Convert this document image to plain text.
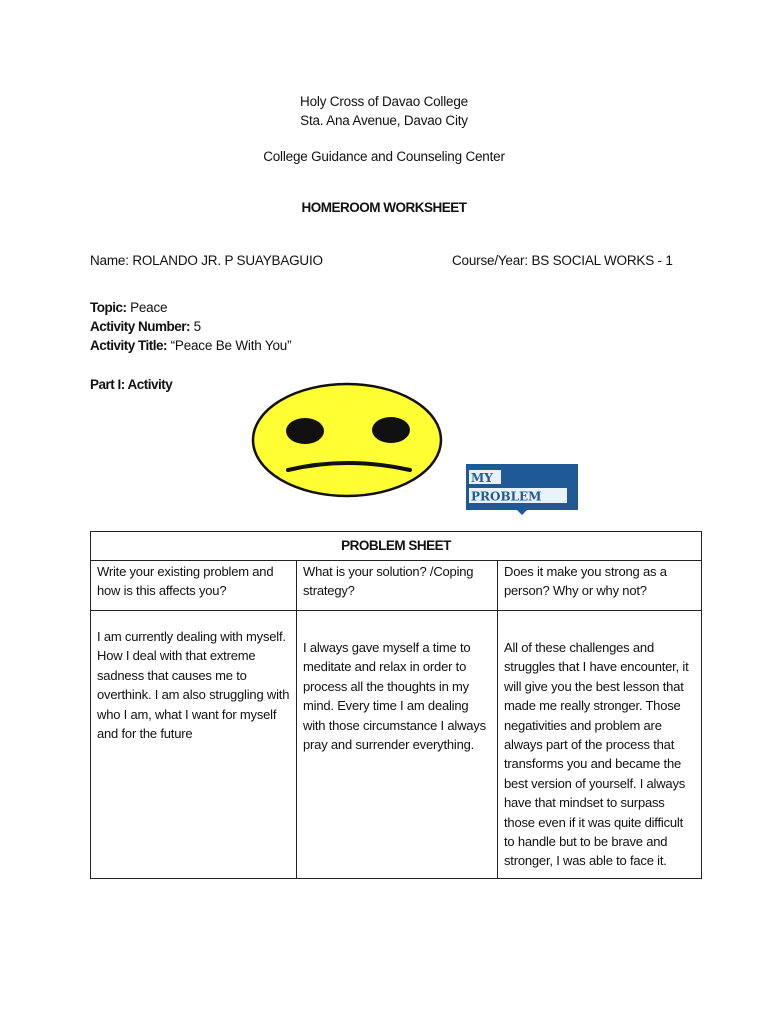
Holy Cross of Davao College
Sta. Ana Avenue, Davao City
College Guidance and Counseling Center
HOMEROOM WORKSHEET
Name: ROLANDO JR. P SUAYBAGUIO	Course/Year: BS SOCIAL WORKS - 1
Topic: Peace
Activity Number: 5
Activity Title: “Peace Be With You”
Part I: Activity
MY
PROBLEM
PROBLEM SHEET		
Write your existing problem and how is this affects you?	What is your solution? /Coping strategy?	Does it make you strong as a person? Why or why not?
I am currently dealing with myself. How I deal with that extreme sadness that causes me to overthink. I am also struggling with who I am, what I want for myself and for the future	I always gave myself a time to meditate and relax in order to process all the thoughts in my mind. Every time I am dealing with those circumstance I always pray and surrender everything.	All of these challenges and struggles that I have encounter, it will give you the best lesson that made me really stronger. Those negativities and problem are always part of the process that transforms you and became the best version of yourself. I always have that mindset to surpass those even if it was quite difficult to handle but to be brave and stronger, I was able to face it.
